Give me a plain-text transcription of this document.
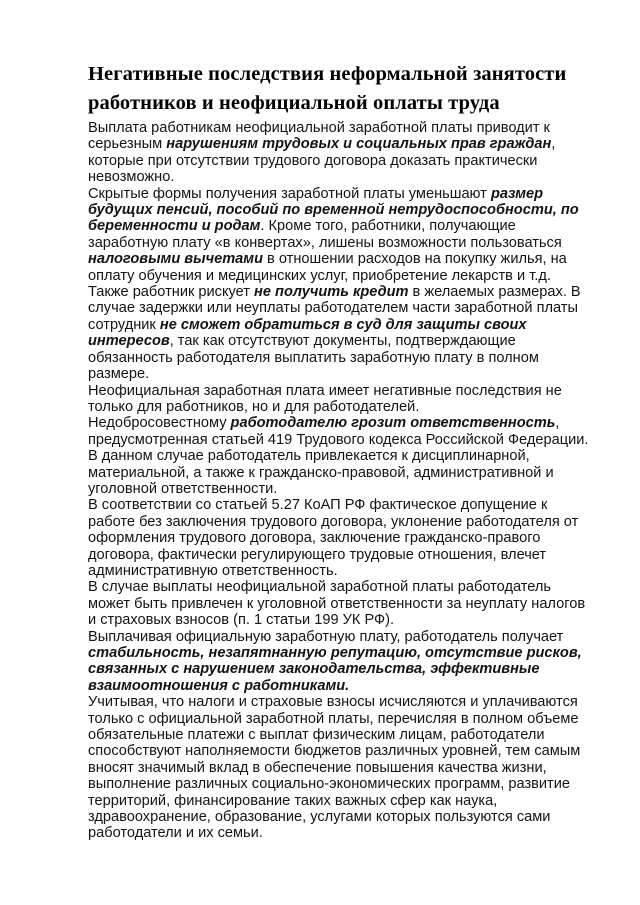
Негативные последствия неформальной занятости работников и неофициальной оплаты труда

Выплата работникам неофициальной заработной платы приводит к серьезным нарушениям трудовых и социальных прав граждан, которые при отсутствии трудового договора доказать практически невозможно.

Скрытые формы получения заработной платы уменьшают размер будущих пенсий, пособий по временной нетрудоспособности, по беременности и родам. Кроме того, работники, получающие заработную плату «в конвертах», лишены возможности пользоваться налоговыми вычетами в отношении расходов на покупку жилья, на оплату обучения и медицинских услуг, приобретение лекарств и т.д. Также работник рискует не получить кредит в желаемых размерах. В случае задержки или неуплаты работодателем части заработной платы сотрудник не сможет обратиться в суд для защиты своих интересов, так как отсутствуют документы, подтверждающие обязанность работодателя выплатить заработную плату в полном размере.

Неофициальная заработная плата имеет негативные последствия не только для работников, но и для работодателей.

Недобросовестному работодателю грозит ответственность, предусмотренная статьей 419 Трудового кодекса Российской Федерации. В данном случае работодатель привлекается к дисциплинарной, материальной, а также к гражданско-правовой, административной и уголовной ответственности.

В соответствии со статьей 5.27 КоАП РФ фактическое допущение к работе без заключения трудового договора, уклонение работодателя от оформления трудового договора, заключение гражданско-правого договора, фактически регулирующего трудовые отношения, влечет административную ответственность.

В случае выплаты неофициальной заработной платы работодатель может быть привлечен к уголовной ответственности за неуплату налогов и страховых взносов (п. 1 статьи 199 УК РФ).

Выплачивая официальную заработную плату, работодатель получает стабильность, незапятнанную репутацию, отсутствие рисков, связанных с нарушением законодательства, эффективные взаимоотношения с работниками.

Учитывая, что налоги и страховые взносы исчисляются и уплачиваются только с официальной заработной платы, перечисляя в полном объеме обязательные платежи с выплат физическим лицам, работодатели способствуют наполняемости бюджетов различных уровней, тем самым вносят значимый вклад в обеспечение повышения качества жизни, выполнение различных социально-экономических программ, развитие территорий, финансирование таких важных сфер как наука, здравоохранение, образование, услугами которых пользуются сами работодатели и их семьи.
